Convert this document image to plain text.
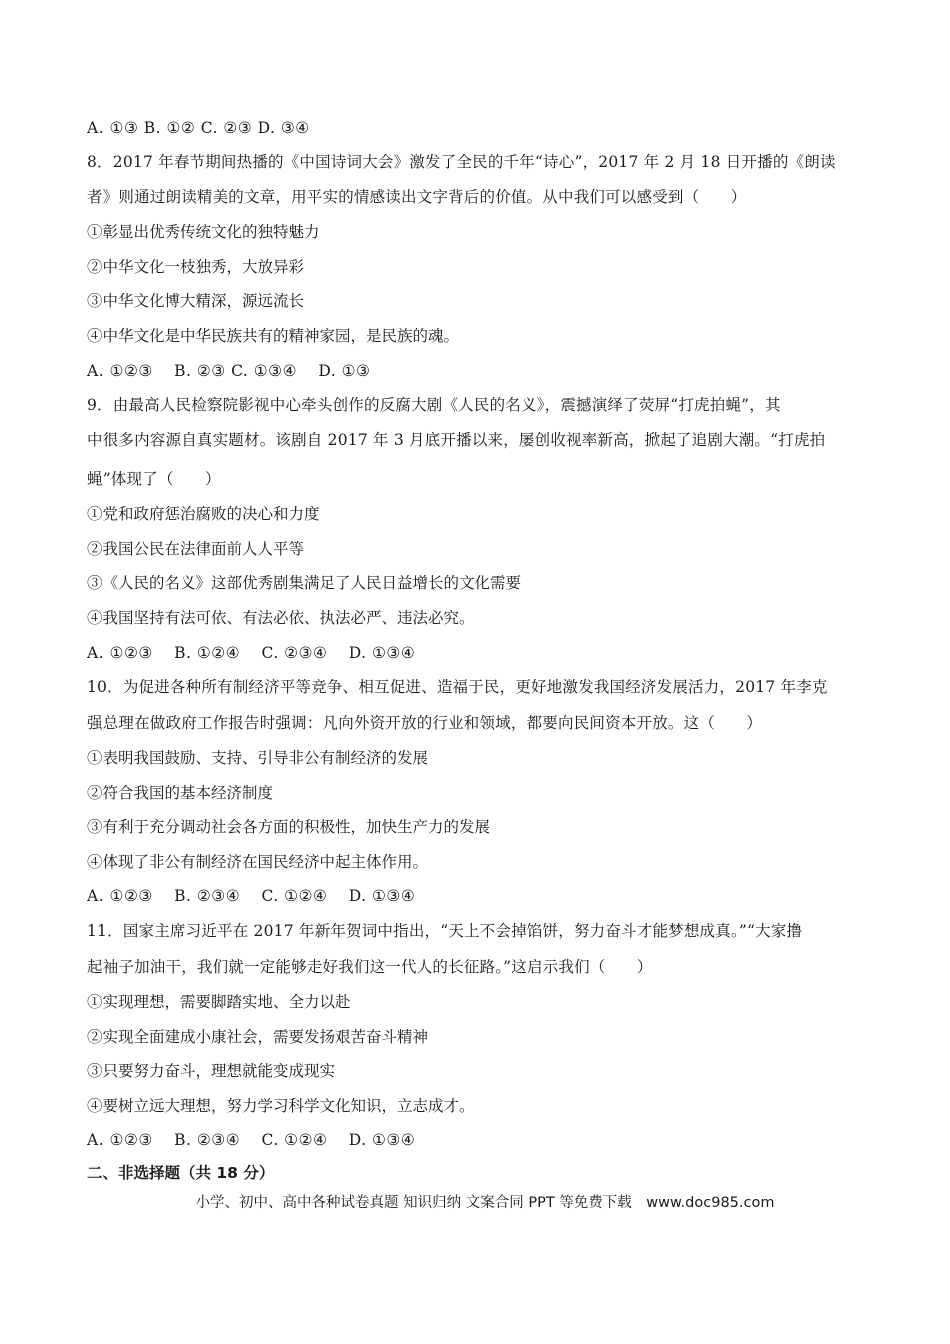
A. ①③ B. ①② C. ②③ D. ③④
8．2017 年春节期间热播的《中国诗词大会》激发了全民的千年“诗心”，2017 年 2 月 18 日开播的《朗读
者》则通过朗读精美的文章，用平实的情感读出文字背后的价值。从中我们可以感受到（　　）
①彰显出优秀传统文化的独特魅力
②中华文化一枝独秀，大放异彩
③中华文化博大精深，源远流长
④中华文化是中华民族共有的精神家园，是民族的魂。
A. ①②③　 B. ②③ C. ①③④　 D. ①③
9．由最高人民检察院影视中心牵头创作的反腐大剧《人民的名义》，震撼演绎了荧屏“打虎拍蝇”，其
中很多内容源自真实题材。该剧自 2017 年 3 月底开播以来，屡创收视率新高，掀起了追剧大潮。“打虎拍
蝇”体现了（　　）
①党和政府惩治腐败的决心和力度
②我国公民在法律面前人人平等
③《人民的名义》这部优秀剧集满足了人民日益增长的文化需要
④我国坚持有法可依、有法必依、执法必严、违法必究。
A. ①②③　 B. ①②④　 C. ②③④　 D. ①③④
10．为促进各种所有制经济平等竞争、相互促进、造福于民，更好地激发我国经济发展活力，2017 年李克
强总理在做政府工作报告时强调：凡向外资开放的行业和领域，都要向民间资本开放。这（　　）
①表明我国鼓励、支持、引导非公有制经济的发展
②符合我国的基本经济制度
③有利于充分调动社会各方面的积极性，加快生产力的发展
④体现了非公有制经济在国民经济中起主体作用。
A. ①②③　 B. ②③④　 C. ①②④　 D. ①③④
11．国家主席习近平在 2017 年新年贺词中指出，“天上不会掉馅饼，努力奋斗才能梦想成真。”“大家撸
起袖子加油干，我们就一定能够走好我们这一代人的长征路。”这启示我们（　　）
①实现理想，需要脚踏实地、全力以赴
②实现全面建成小康社会，需要发扬艰苦奋斗精神
③只要努力奋斗，理想就能变成现实
④要树立远大理想，努力学习科学文化知识，立志成才。
A. ①②③　 B. ②③④　 C. ①②④　 D. ①③④
二、非选择题（共 18 分）
小学、初中、高中各种试卷真题 知识归纳 文案合同 PPT 等免费下载　www.doc985.com
